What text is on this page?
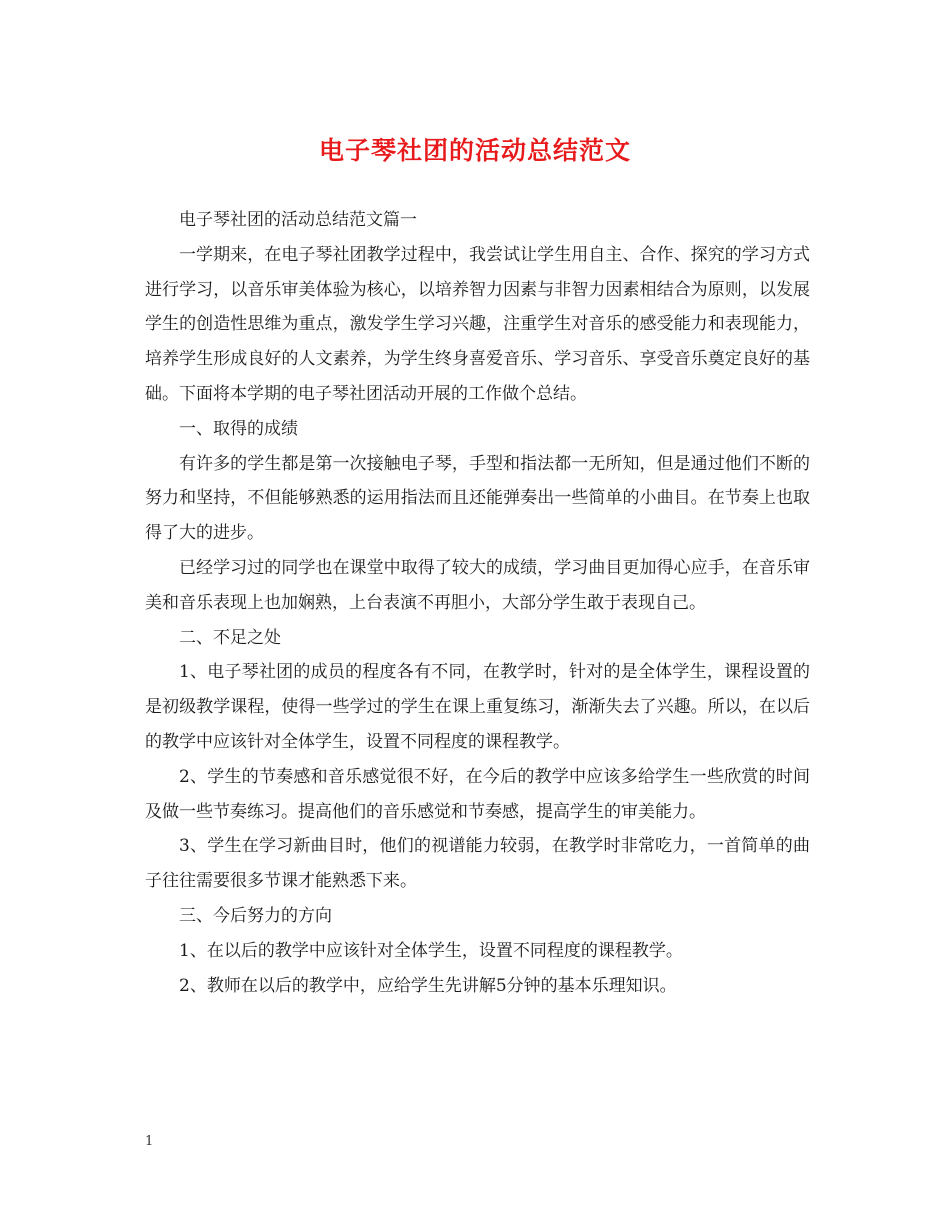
电子琴社团的活动总结范文

电子琴社团的活动总结范文篇一

一学期来，在电子琴社团教学过程中，我尝试让学生用自主、合作、探究的学习方式进行学习，以音乐审美体验为核心，以培养智力因素与非智力因素相结合为原则，以发展学生的创造性思维为重点，激发学生学习兴趣，注重学生对音乐的感受能力和表现能力，培养学生形成良好的人文素养，为学生终身喜爱音乐、学习音乐、享受音乐奠定良好的基础。下面将本学期的电子琴社团活动开展的工作做个总结。

一、取得的成绩

有许多的学生都是第一次接触电子琴，手型和指法都一无所知，但是通过他们不断的努力和坚持，不但能够熟悉的运用指法而且还能弹奏出一些简单的小曲目。在节奏上也取得了大的进步。

已经学习过的同学也在课堂中取得了较大的成绩，学习曲目更加得心应手，在音乐审美和音乐表现上也加娴熟，上台表演不再胆小，大部分学生敢于表现自己。

二、不足之处

1、电子琴社团的成员的程度各有不同，在教学时，针对的是全体学生，课程设置的是初级教学课程，使得一些学过的学生在课上重复练习，渐渐失去了兴趣。所以，在以后的教学中应该针对全体学生，设置不同程度的课程教学。

2、学生的节奏感和音乐感觉很不好，在今后的教学中应该多给学生一些欣赏的时间及做一些节奏练习。提高他们的音乐感觉和节奏感，提高学生的审美能力。

3、学生在学习新曲目时，他们的视谱能力较弱，在教学时非常吃力，一首简单的曲子往往需要很多节课才能熟悉下来。

三、今后努力的方向

1、在以后的教学中应该针对全体学生，设置不同程度的课程教学。

2、教师在以后的教学中，应给学生先讲解5分钟的基本乐理知识。

1
